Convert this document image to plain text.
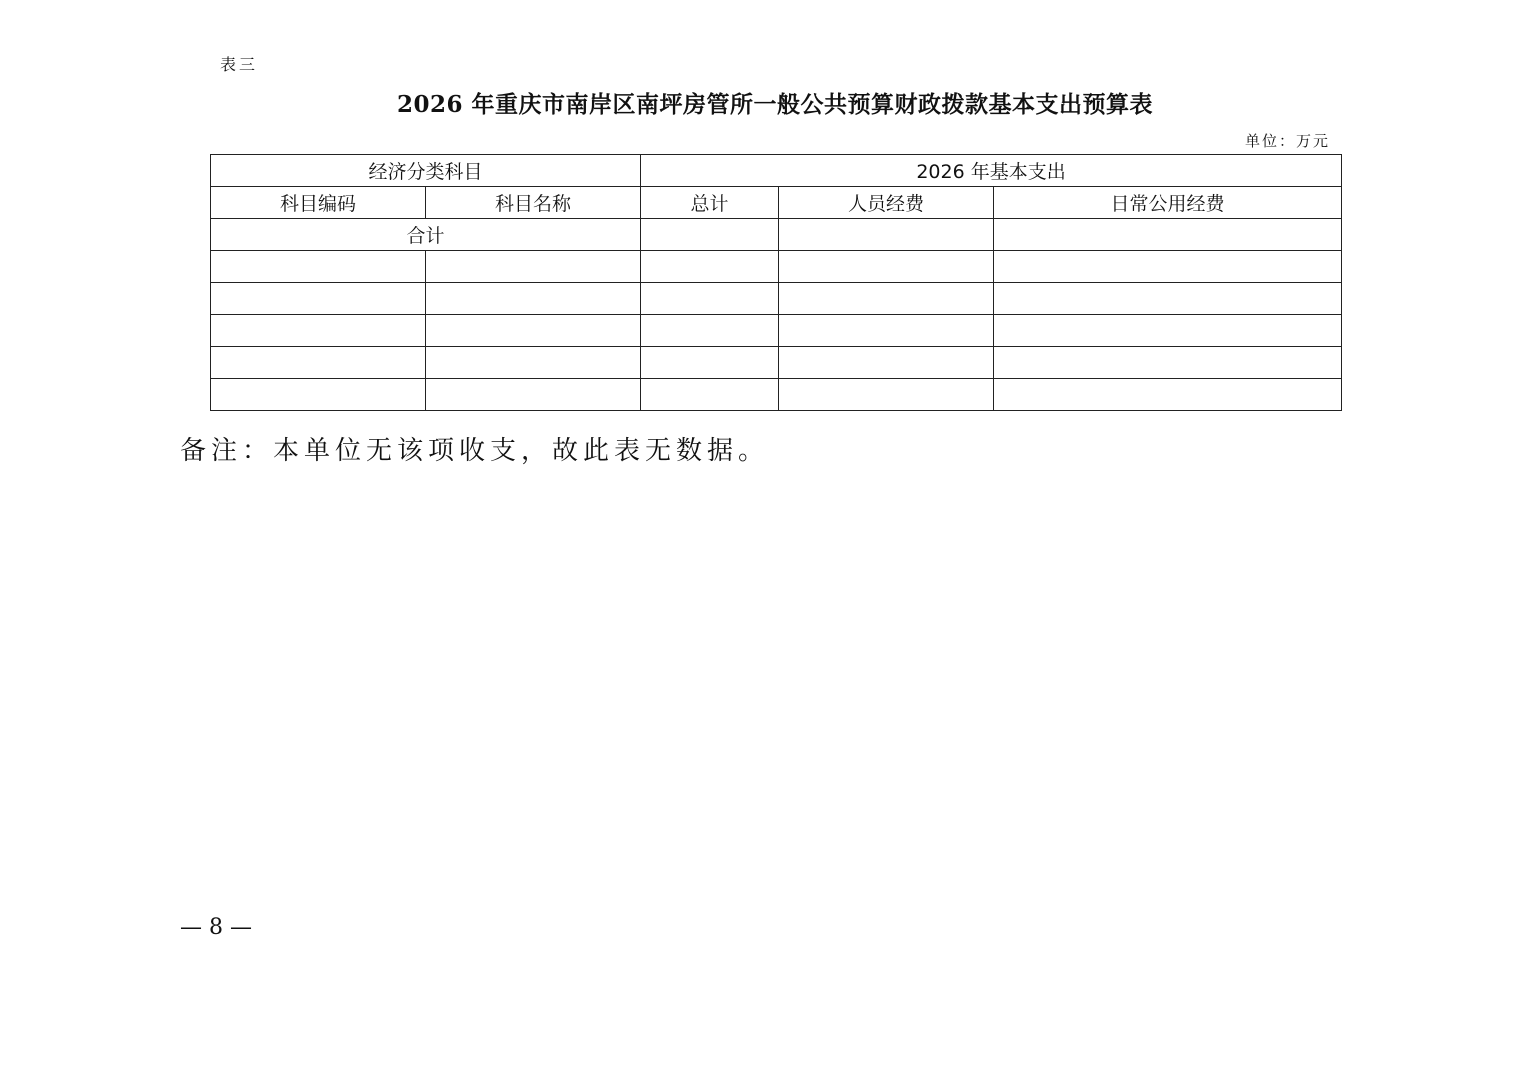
表三
2026 年重庆市南岸区南坪房管所一般公共预算财政拨款基本支出预算表
单位：万元
经济分类科目		2026 年基本支出		
科目编码	科目名称	总计	人员经费	日常公用经费
合计				

备注：本单位无该项收支，故此表无数据。
— 8 —
